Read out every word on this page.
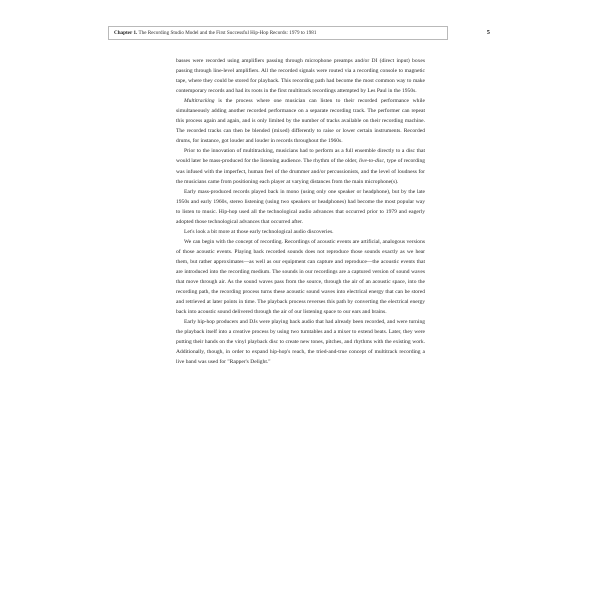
Chapter 1. The Recording Studio Model and the First Successful Hip-Hop Records: 1979 to 1981	5

basses were recorded using amplifiers passing through microphone preamps and/or DI (direct input) boxes passing through line-level amplifiers. All the recorded signals were routed via a recording console to magnetic tape, where they could be stored for playback. This recording path had become the most common way to make contemporary records and had its roots in the first multitrack recordings attempted by Les Paul in the 1950s.

Multitracking is the process where one musician can listen to their recorded performance while simultaneously adding another recorded performance on a separate recording track. The performer can repeat this process again and again, and is only limited by the number of tracks available on their recording machine. The recorded tracks can then be blended (mixed) differently to raise or lower certain instruments. Recorded drums, for instance, got louder and louder in records throughout the 1960s.

Prior to the innovation of multitracking, musicians had to perform as a full ensemble directly to a disc that would later be mass-produced for the listening audience. The rhythm of the older, live-to-disc, type of recording was infused with the imperfect, human feel of the drummer and/or percussionists, and the level of loudness for the musicians came from positioning each player at varying distances from the main microphone(s).

Early mass-produced records played back in mono (using only one speaker or headphone), but by the late 1950s and early 1960s, stereo listening (using two speakers or headphones) had become the most popular way to listen to music. Hip-hop used all the technological audio advances that occurred prior to 1979 and eagerly adopted those technological advances that occurred after.

Let's look a bit more at those early technological audio discoveries.

We can begin with the concept of recording. Recordings of acoustic events are artificial, analogous versions of those acoustic events. Playing back recorded sounds does not reproduce those sounds exactly as we hear them, but rather approximates—as well as our equipment can capture and reproduce—the acoustic events that are introduced into the recording medium. The sounds in our recordings are a captured version of sound waves that move through air. As the sound waves pass from the source, through the air of an acoustic space, into the recording path, the recording process turns these acoustic sound waves into electrical energy that can be stored and retrieved at later points in time. The playback process reverses this path by converting the electrical energy back into acoustic sound delivered through the air of our listening space to our ears and brains.

Early hip-hop producers and DJs were playing back audio that had already been recorded, and were turning the playback itself into a creative process by using two turntables and a mixer to extend beats. Later, they were putting their hands on the vinyl playback disc to create new tones, pitches, and rhythms with the existing work. Additionally, though, in order to expand hip-hop's reach, the tried-and-true concept of multitrack recording a live band was used for "Rapper's Delight."
